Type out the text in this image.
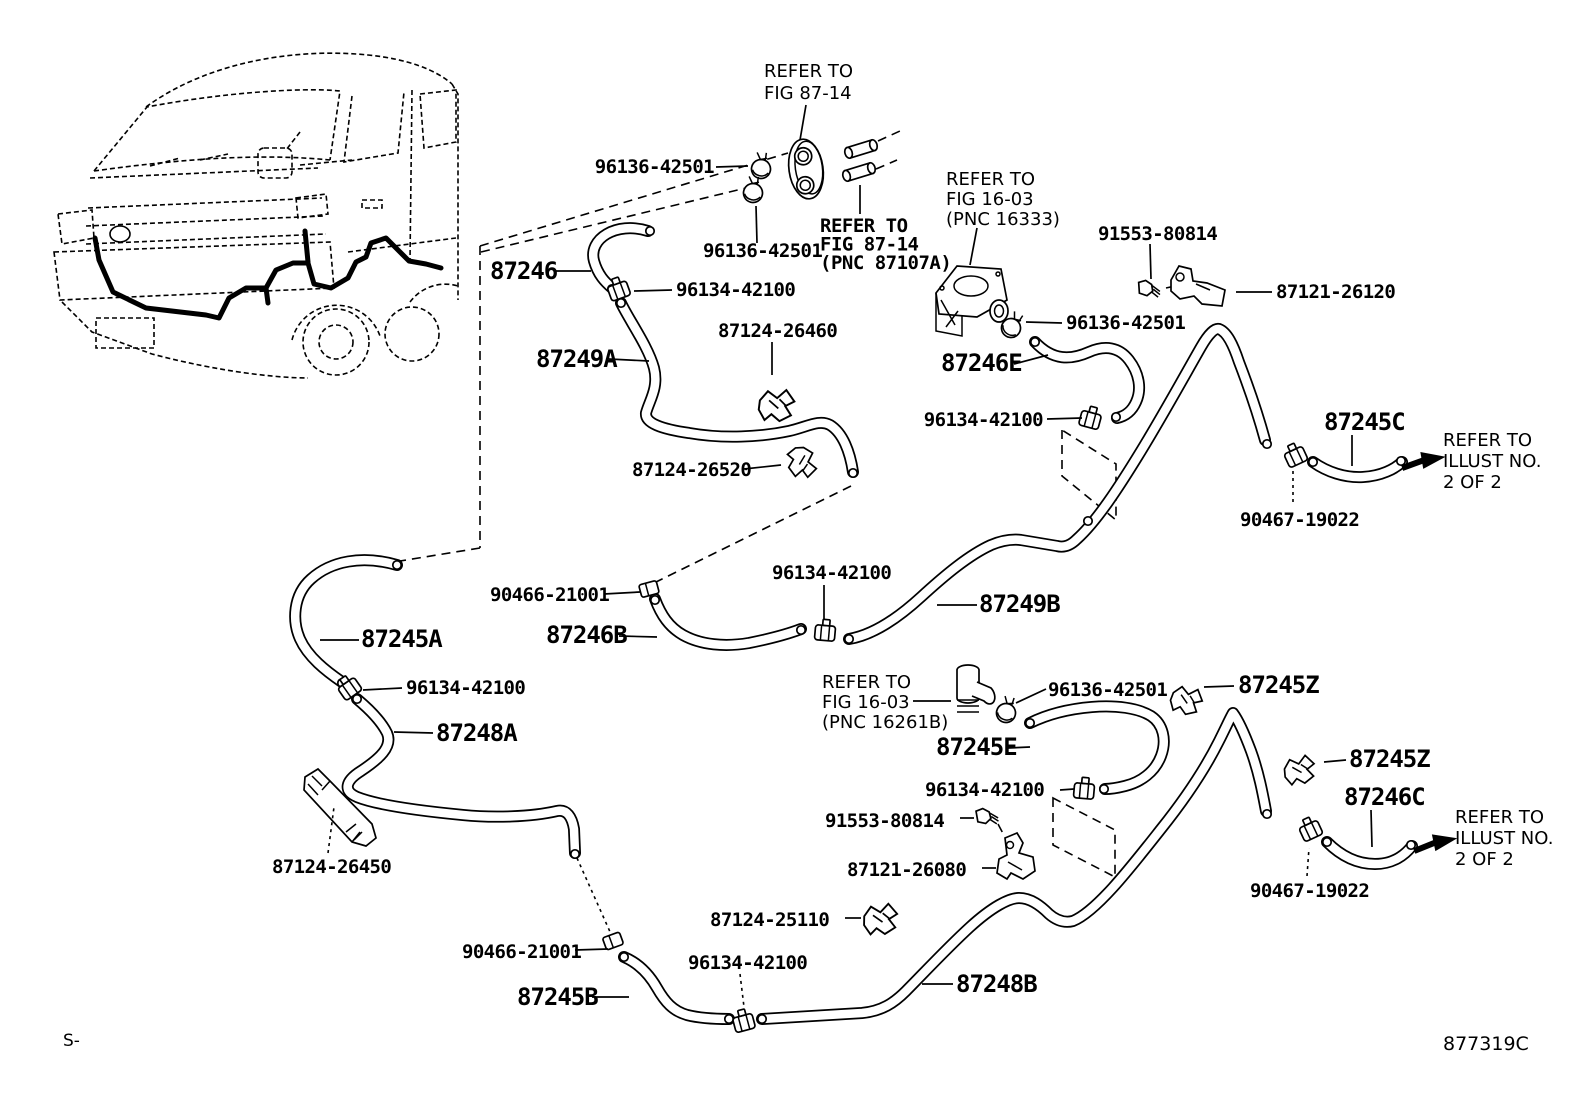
REFER TO
FIG 87-14
REFER TO
FIG 87-14
(PNC 87107A)
REFER TO
FIG 16-03
(PNC 16333)
REFER TO
ILLUST NO.
2 OF 2
REFER TO
FIG 16-03
(PNC 16261B)
REFER TO
ILLUST NO.
2 OF 2
96136-42501
96136-42501
96136-42501
96136-42501
96134-42100
96134-42100
96134-42100
96134-42100
96134-42100
96134-42100
87124-26460
87124-26520
87124-26450
87124-25110
90466-21001
90466-21001
90467-19022
90467-19022
91553-80814
91553-80814
87121-26120
87121-26080
87246
87249A	87246E
87245C
87245A	87246B
87249B
87248A	87245E
87245Z
87245Z
87246C
87245B	87248B
S-	877319C
